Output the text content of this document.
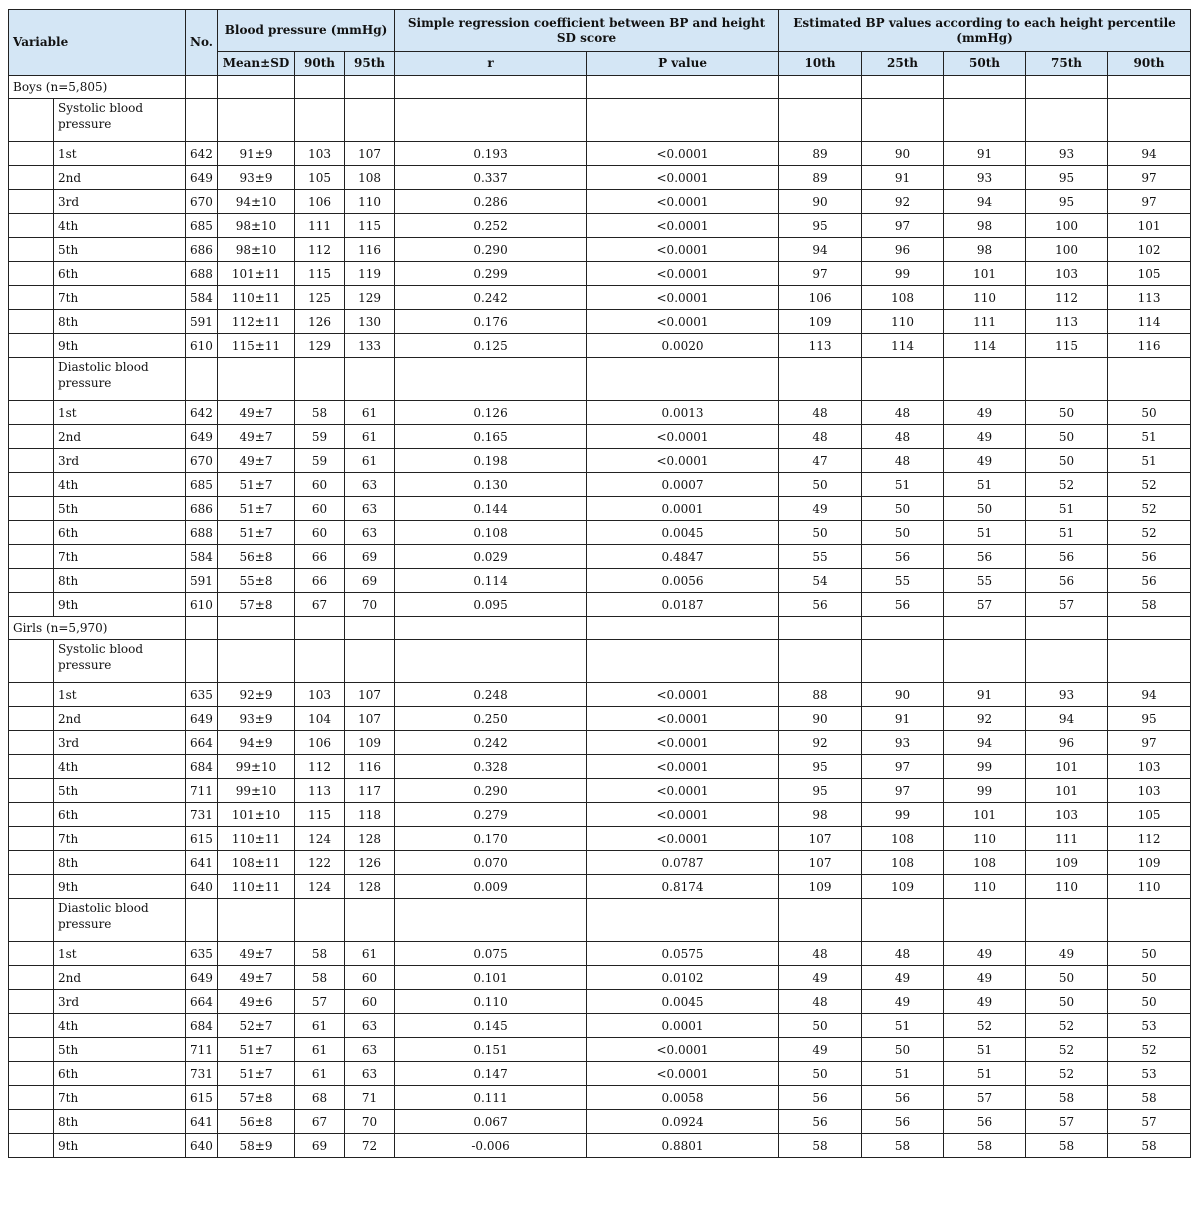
Variable		No.	Blood pressure (mmHg)			Simple regression coefficient between BP and height SD score		Estimated BP values according to each height percentile (mmHg)				
			Mean±SD	90th	95th	r	P value	10th	25th	50th	75th	90th
Boys (n=5,805)												
	Systolic blood pressure											
	1st	642	91±9	103	107	0.193	<0.0001	89	90	91	93	94
	2nd	649	93±9	105	108	0.337	<0.0001	89	91	93	95	97
	3rd	670	94±10	106	110	0.286	<0.0001	90	92	94	95	97
	4th	685	98±10	111	115	0.252	<0.0001	95	97	98	100	101
	5th	686	98±10	112	116	0.290	<0.0001	94	96	98	100	102
	6th	688	101±11	115	119	0.299	<0.0001	97	99	101	103	105
	7th	584	110±11	125	129	0.242	<0.0001	106	108	110	112	113
	8th	591	112±11	126	130	0.176	<0.0001	109	110	111	113	114
	9th	610	115±11	129	133	0.125	0.0020	113	114	114	115	116
	Diastolic blood pressure											
	1st	642	49±7	58	61	0.126	0.0013	48	48	49	50	50
	2nd	649	49±7	59	61	0.165	<0.0001	48	48	49	50	51
	3rd	670	49±7	59	61	0.198	<0.0001	47	48	49	50	51
	4th	685	51±7	60	63	0.130	0.0007	50	51	51	52	52
	5th	686	51±7	60	63	0.144	0.0001	49	50	50	51	52
	6th	688	51±7	60	63	0.108	0.0045	50	50	51	51	52
	7th	584	56±8	66	69	0.029	0.4847	55	56	56	56	56
	8th	591	55±8	66	69	0.114	0.0056	54	55	55	56	56
	9th	610	57±8	67	70	0.095	0.0187	56	56	57	57	58
Girls (n=5,970)												
	Systolic blood pressure											
	1st	635	92±9	103	107	0.248	<0.0001	88	90	91	93	94
	2nd	649	93±9	104	107	0.250	<0.0001	90	91	92	94	95
	3rd	664	94±9	106	109	0.242	<0.0001	92	93	94	96	97
	4th	684	99±10	112	116	0.328	<0.0001	95	97	99	101	103
	5th	711	99±10	113	117	0.290	<0.0001	95	97	99	101	103
	6th	731	101±10	115	118	0.279	<0.0001	98	99	101	103	105
	7th	615	110±11	124	128	0.170	<0.0001	107	108	110	111	112
	8th	641	108±11	122	126	0.070	0.0787	107	108	108	109	109
	9th	640	110±11	124	128	0.009	0.8174	109	109	110	110	110
	Diastolic blood pressure											
	1st	635	49±7	58	61	0.075	0.0575	48	48	49	49	50
	2nd	649	49±7	58	60	0.101	0.0102	49	49	49	50	50
	3rd	664	49±6	57	60	0.110	0.0045	48	49	49	50	50
	4th	684	52±7	61	63	0.145	0.0001	50	51	52	52	53
	5th	711	51±7	61	63	0.151	<0.0001	49	50	51	52	52
	6th	731	51±7	61	63	0.147	<0.0001	50	51	51	52	53
	7th	615	57±8	68	71	0.111	0.0058	56	56	57	58	58
	8th	641	56±8	67	70	0.067	0.0924	56	56	56	57	57
	9th	640	58±9	69	72	-0.006	0.8801	58	58	58	58	58
